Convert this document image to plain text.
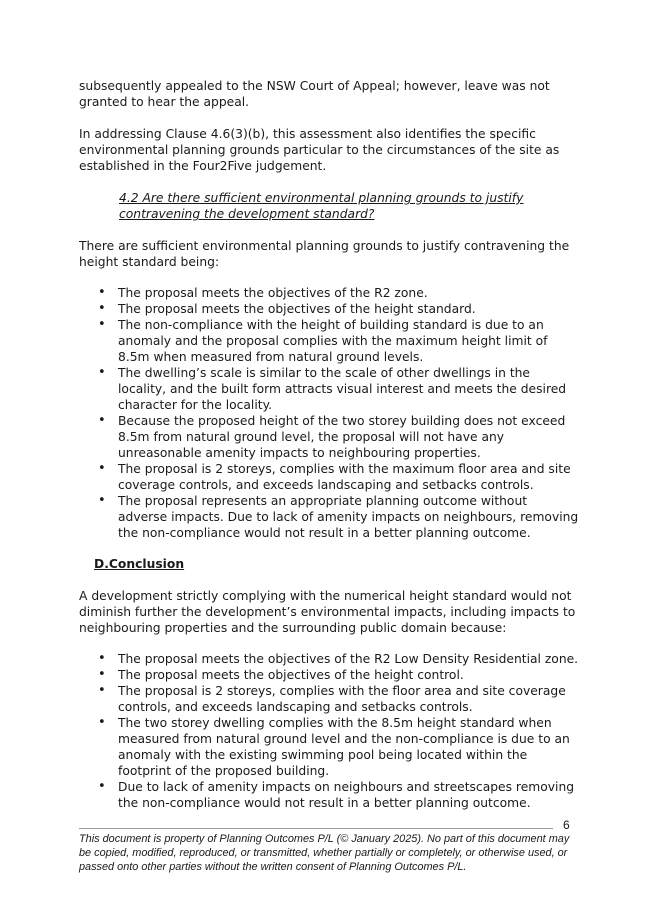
subsequently appealed to the NSW Court of Appeal; however, leave was not granted to hear the appeal.

In addressing Clause 4.6(3)(b), this assessment also identifies the specific environmental planning grounds particular to the circumstances of the site as established in the Four2Five judgement.

4.2 Are there sufficient environmental planning grounds to justify contravening the development standard?

There are sufficient environmental planning grounds to justify contravening the height standard being:

• The proposal meets the objectives of the R2 zone.
• The proposal meets the objectives of the height standard.
• The non-compliance with the height of building standard is due to an anomaly and the proposal complies with the maximum height limit of 8.5m when measured from natural ground levels.
• The dwelling’s scale is similar to the scale of other dwellings in the locality, and the built form attracts visual interest and meets the desired character for the locality.
• Because the proposed height of the two storey building does not exceed 8.5m from natural ground level, the proposal will not have any unreasonable amenity impacts to neighbouring properties.
• The proposal is 2 storeys, complies with the maximum floor area and site coverage controls, and exceeds landscaping and setbacks controls.
• The proposal represents an appropriate planning outcome without adverse impacts. Due to lack of amenity impacts on neighbours, removing the non-compliance would not result in a better planning outcome.

D.Conclusion

A development strictly complying with the numerical height standard would not diminish further the development’s environmental impacts, including impacts to neighbouring properties and the surrounding public domain because:

• The proposal meets the objectives of the R2 Low Density Residential zone.
• The proposal meets the objectives of the height control.
• The proposal is 2 storeys, complies with the floor area and site coverage controls, and exceeds landscaping and setbacks controls.
• The two storey dwelling complies with the 8.5m height standard when measured from natural ground level and the non-compliance is due to an anomaly with the existing swimming pool being located within the footprint of the proposed building.
• Due to lack of amenity impacts on neighbours and streetscapes removing the non-compliance would not result in a better planning outcome.
6

This document is property of Planning Outcomes P/L (© January 2025). No part of this document may be copied, modified, reproduced, or transmitted, whether partially or completely, or otherwise used, or passed onto other parties without the written consent of Planning Outcomes P/L.
